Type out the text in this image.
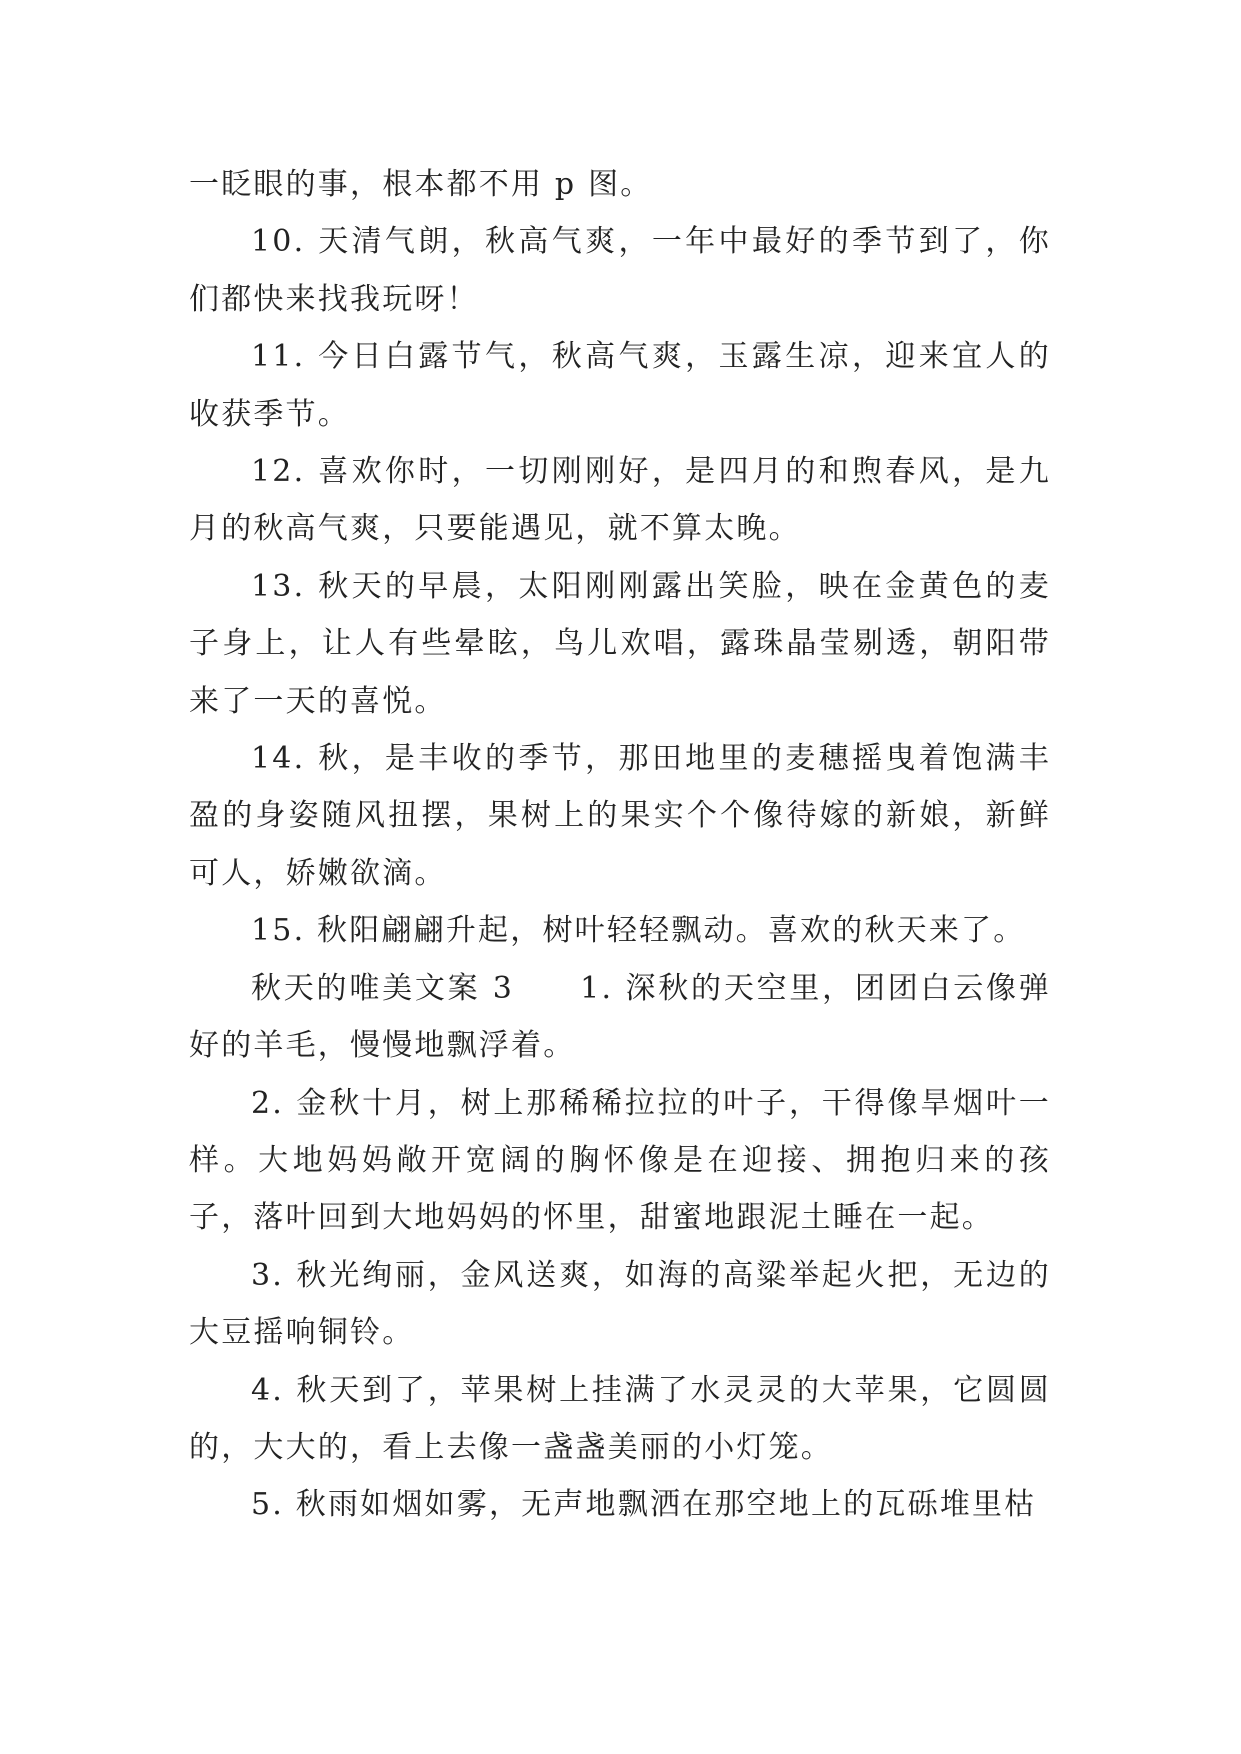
一眨眼的事，根本都不用 p 图。

10. 天清气朗，秋高气爽，一年中最好的季节到了，你们都快来找我玩呀！

11. 今日白露节气，秋高气爽，玉露生凉，迎来宜人的收获季节。

12. 喜欢你时，一切刚刚好，是四月的和煦春风，是九月的秋高气爽，只要能遇见，就不算太晚。

13. 秋天的早晨，太阳刚刚露出笑脸，映在金黄色的麦子身上，让人有些晕眩，鸟儿欢唱，露珠晶莹剔透，朝阳带来了一天的喜悦。

14. 秋，是丰收的季节，那田地里的麦穗摇曳着饱满丰盈的身姿随风扭摆，果树上的果实个个像待嫁的新娘，新鲜可人，娇嫩欲滴。

15. 秋阳翩翩升起，树叶轻轻飘动。喜欢的秋天来了。

秋天的唯美文案 3　　1. 深秋的天空里，团团白云像弹好的羊毛，慢慢地飘浮着。

2. 金秋十月，树上那稀稀拉拉的叶子，干得像旱烟叶一样。大地妈妈敞开宽阔的胸怀像是在迎接、拥抱归来的孩子，落叶回到大地妈妈的怀里，甜蜜地跟泥土睡在一起。

3. 秋光绚丽，金风送爽，如海的高粱举起火把，无边的大豆摇响铜铃。

4. 秋天到了，苹果树上挂满了水灵灵的大苹果，它圆圆的，大大的，看上去像一盏盏美丽的小灯笼。

5. 秋雨如烟如雾，无声地飘洒在那空地上的瓦砾堆里枯
